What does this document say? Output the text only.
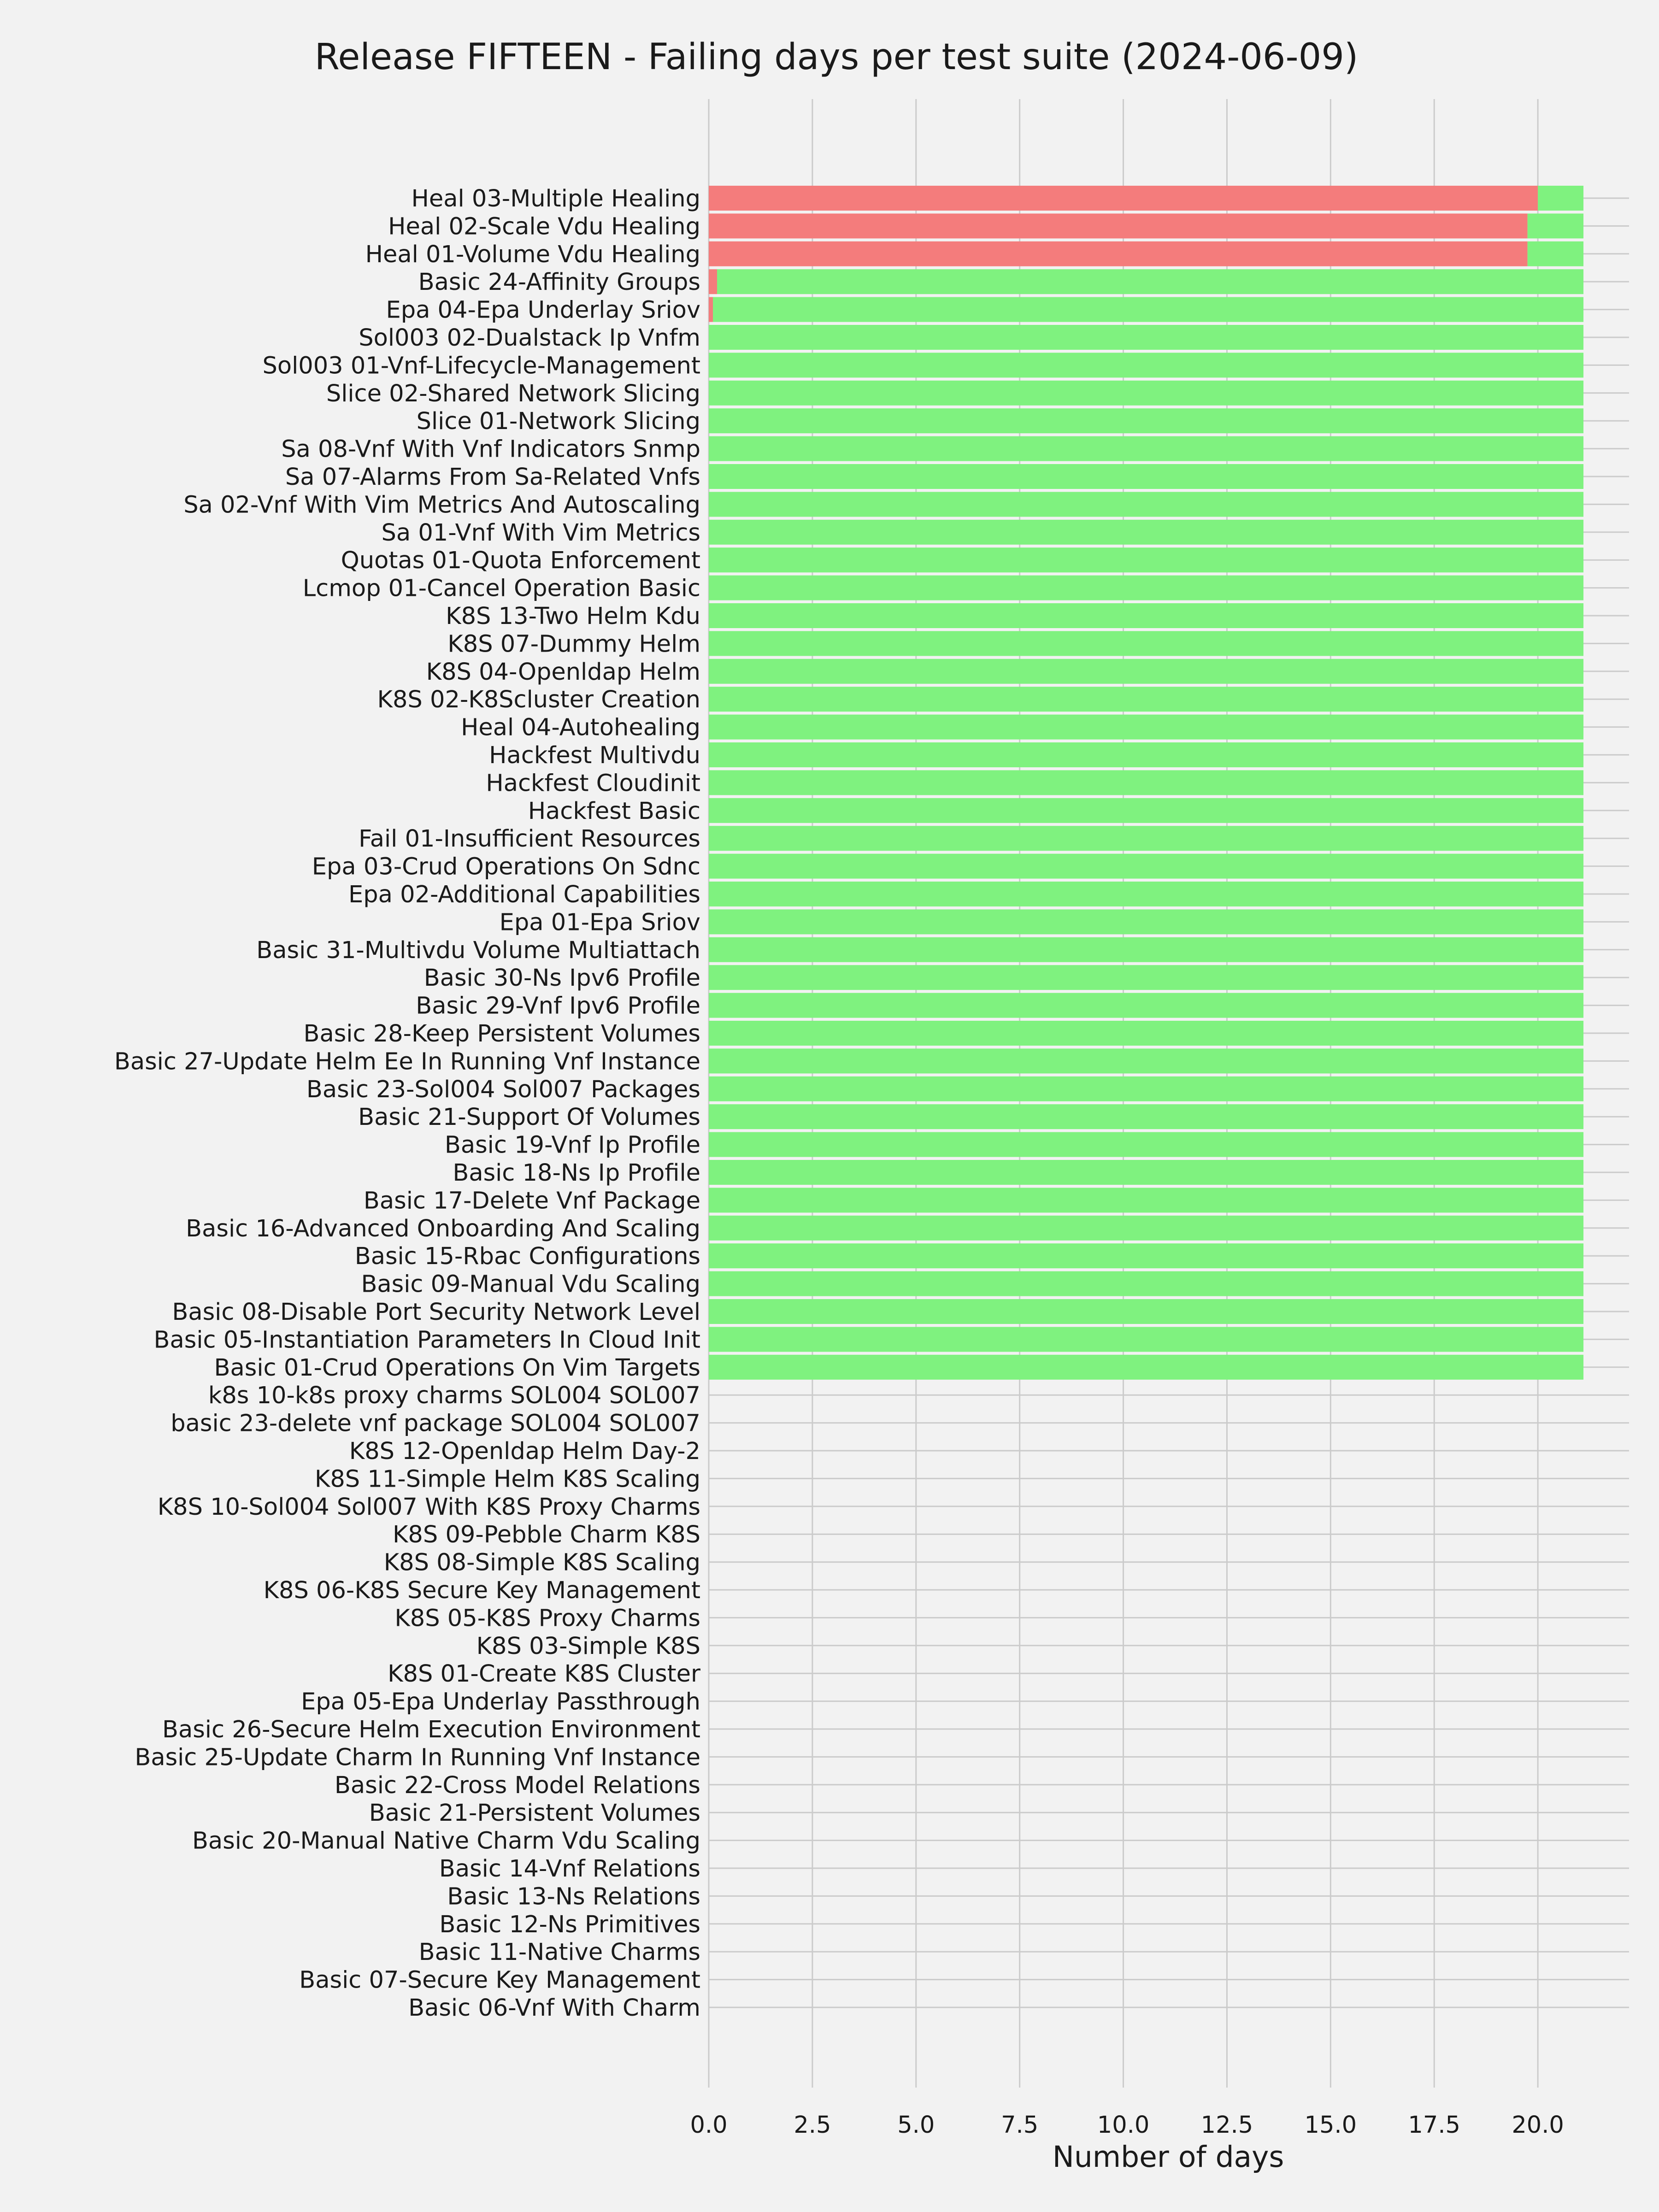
Release FIFTEEN - Failing days per test suite (2024-06-09)
Heal 03-Multiple Healing
Heal 02-Scale Vdu Healing
Heal 01-Volume Vdu Healing
Basic 24-Affinity Groups
Epa 04-Epa Underlay Sriov
Sol003 02-Dualstack Ip Vnfm
Sol003 01-Vnf-Lifecycle-Management
Slice 02-Shared Network Slicing
Slice 01-Network Slicing
Sa 08-Vnf With Vnf Indicators Snmp
Sa 07-Alarms From Sa-Related Vnfs
Sa 02-Vnf With Vim Metrics And Autoscaling
Sa 01-Vnf With Vim Metrics
Quotas 01-Quota Enforcement
Lcmop 01-Cancel Operation Basic
K8S 13-Two Helm Kdu
K8S 07-Dummy Helm
K8S 04-Openldap Helm
K8S 02-K8Scluster Creation
Heal 04-Autohealing
Hackfest Multivdu
Hackfest Cloudinit
Hackfest Basic
Fail 01-Insufficient Resources
Epa 03-Crud Operations On Sdnc
Epa 02-Additional Capabilities
Epa 01-Epa Sriov
Basic 31-Multivdu Volume Multiattach
Basic 30-Ns Ipv6 Profile
Basic 29-Vnf Ipv6 Profile
Basic 28-Keep Persistent Volumes
Basic 27-Update Helm Ee In Running Vnf Instance
Basic 23-Sol004 Sol007 Packages
Basic 21-Support Of Volumes
Basic 19-Vnf Ip Profile
Basic 18-Ns Ip Profile
Basic 17-Delete Vnf Package
Basic 16-Advanced Onboarding And Scaling
Basic 15-Rbac Configurations
Basic 09-Manual Vdu Scaling
Basic 08-Disable Port Security Network Level
Basic 05-Instantiation Parameters In Cloud Init
Basic 01-Crud Operations On Vim Targets
k8s 10-k8s proxy charms SOL004 SOL007
basic 23-delete vnf package SOL004 SOL007
K8S 12-Openldap Helm Day-2
K8S 11-Simple Helm K8S Scaling
K8S 10-Sol004 Sol007 With K8S Proxy Charms
K8S 09-Pebble Charm K8S
K8S 08-Simple K8S Scaling
K8S 06-K8S Secure Key Management
K8S 05-K8S Proxy Charms
K8S 03-Simple K8S
K8S 01-Create K8S Cluster
Epa 05-Epa Underlay Passthrough
Basic 26-Secure Helm Execution Environment
Basic 25-Update Charm In Running Vnf Instance
Basic 22-Cross Model Relations
Basic 21-Persistent Volumes
Basic 20-Manual Native Charm Vdu Scaling
Basic 14-Vnf Relations
Basic 13-Ns Relations
Basic 12-Ns Primitives
Basic 11-Native Charms
Basic 07-Secure Key Management
Basic 06-Vnf With Charm
0.0	2.5	5.0	7.5	10.0 12.5 15.0 17.5 20.0
Number of days
